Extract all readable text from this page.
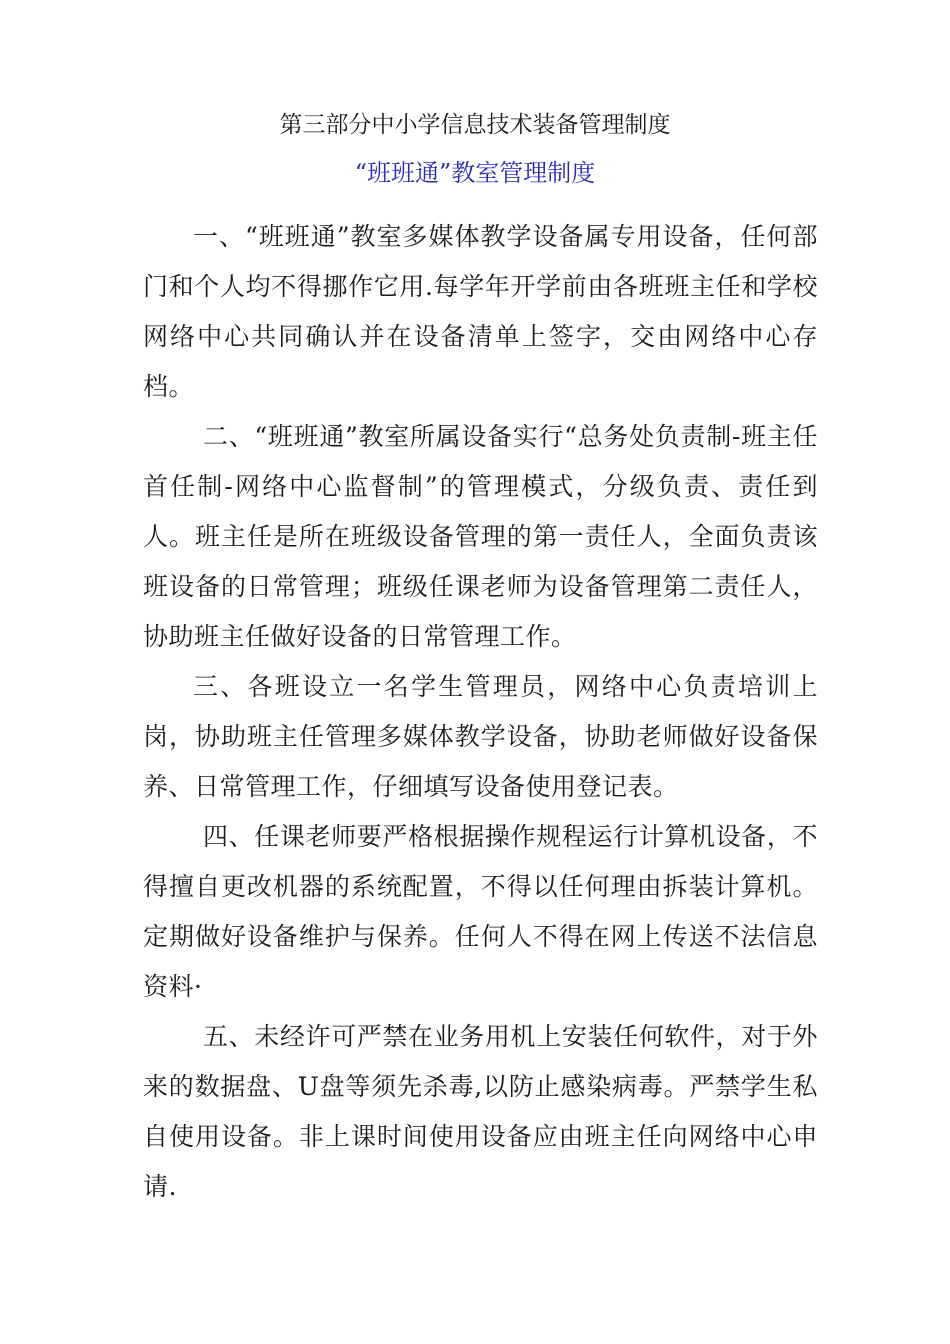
第三部分中小学信息技术装备管理制度
“班班通”教室管理制度
一、“班班通”教室多媒体教学设备属专用设备，任何部门和个人均不得挪作它用.每学年开学前由各班班主任和学校网络中心共同确认并在设备清单上签字，交由网络中心存档。
二、“班班通”教室所属设备实行“总务处负责制-班主任首任制-网络中心监督制”的管理模式，分级负责、责任到人。班主任是所在班级设备管理的第一责任人，全面负责该班设备的日常管理；班级任课老师为设备管理第二责任人，协助班主任做好设备的日常管理工作。
三、各班设立一名学生管理员，网络中心负责培训上岗，协助班主任管理多媒体教学设备，协助老师做好设备保养、日常管理工作，仔细填写设备使用登记表。
四、任课老师要严格根据操作规程运行计算机设备，不得擅自更改机器的系统配置，不得以任何理由拆装计算机。定期做好设备维护与保养。任何人不得在网上传送不法信息资料·
五、未经许可严禁在业务用机上安装任何软件，对于外来的数据盘、U盘等须先杀毒,以防止感染病毒。严禁学生私自使用设备。非上课时间使用设备应由班主任向网络中心申请.
